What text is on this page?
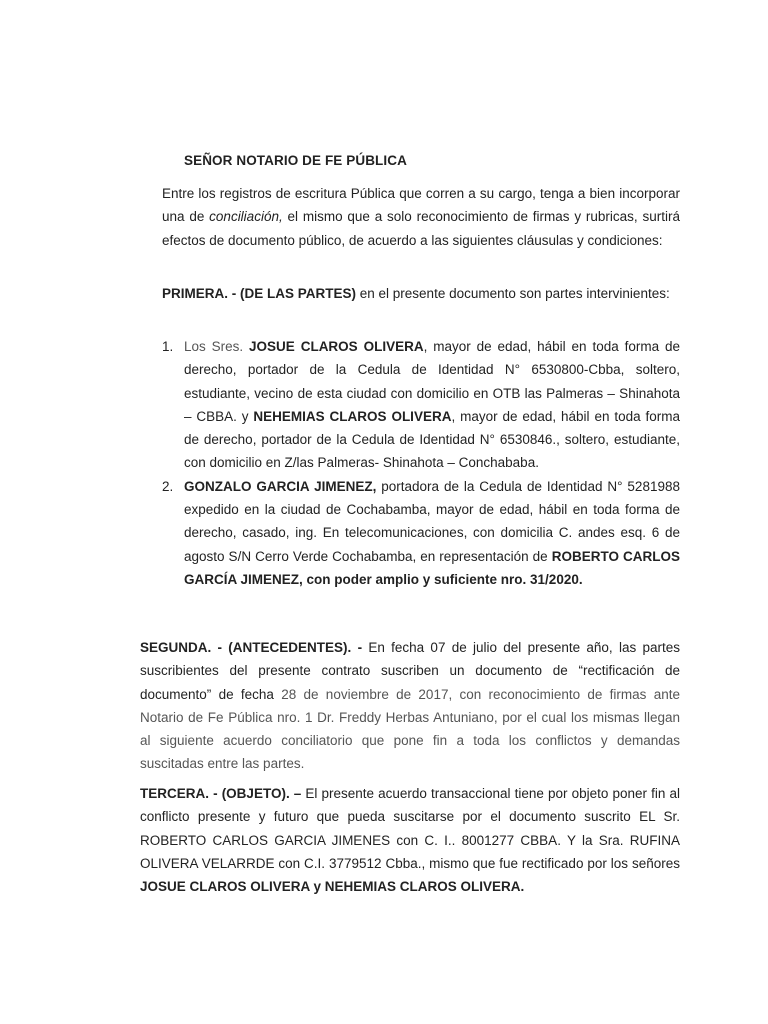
SEÑOR NOTARIO DE FE PÚBLICA

Entre los registros de escritura Pública que corren a su cargo, tenga a bien incorporar una de conciliación, el mismo que a solo reconocimiento de firmas y rubricas, surtirá efectos de documento público, de acuerdo a las siguientes cláusulas y condiciones:

PRIMERA. - (DE LAS PARTES) en el presente documento son partes intervinientes:

1. Los Sres. JOSUE CLAROS OLIVERA, mayor de edad, hábil en toda forma de derecho, portador de la Cedula de Identidad N° 6530800-Cbba, soltero, estudiante, vecino de esta ciudad con domicilio en OTB las Palmeras – Shinahota – CBBA. y NEHEMIAS CLAROS OLIVERA, mayor de edad, hábil en toda forma de derecho, portador de la Cedula de Identidad N° 6530846., soltero, estudiante, con domicilio en Z/las Palmeras- Shinahota – Conchababa.
2. GONZALO GARCIA JIMENEZ, portadora de la Cedula de Identidad N° 5281988 expedido en la ciudad de Cochabamba, mayor de edad, hábil en toda forma de derecho, casado, ing. En telecomunicaciones, con domicilia C. andes esq. 6 de agosto S/N Cerro Verde Cochabamba, en representación de ROBERTO CARLOS GARCÍA JIMENEZ, con poder amplio y suficiente nro. 31/2020.

SEGUNDA. - (ANTECEDENTES). - En fecha 07 de julio del presente año, las partes suscribientes del presente contrato suscriben un documento de “rectificación de documento” de fecha 28 de noviembre de 2017, con reconocimiento de firmas ante Notario de Fe Pública nro. 1 Dr. Freddy Herbas Antuniano, por el cual los mismas llegan al siguiente acuerdo conciliatorio que pone fin a toda los conflictos y demandas suscitadas entre las partes.

TERCERA. - (OBJETO). – El presente acuerdo transaccional tiene por objeto poner fin al conflicto presente y futuro que pueda suscitarse por el documento suscrito EL Sr. ROBERTO CARLOS GARCIA JIMENES con C. I.. 8001277 CBBA. Y la Sra. RUFINA OLIVERA VELARRDE con C.I. 3779512 Cbba., mismo que fue rectificado por los señores JOSUE CLAROS OLIVERA y NEHEMIAS CLAROS OLIVERA.
